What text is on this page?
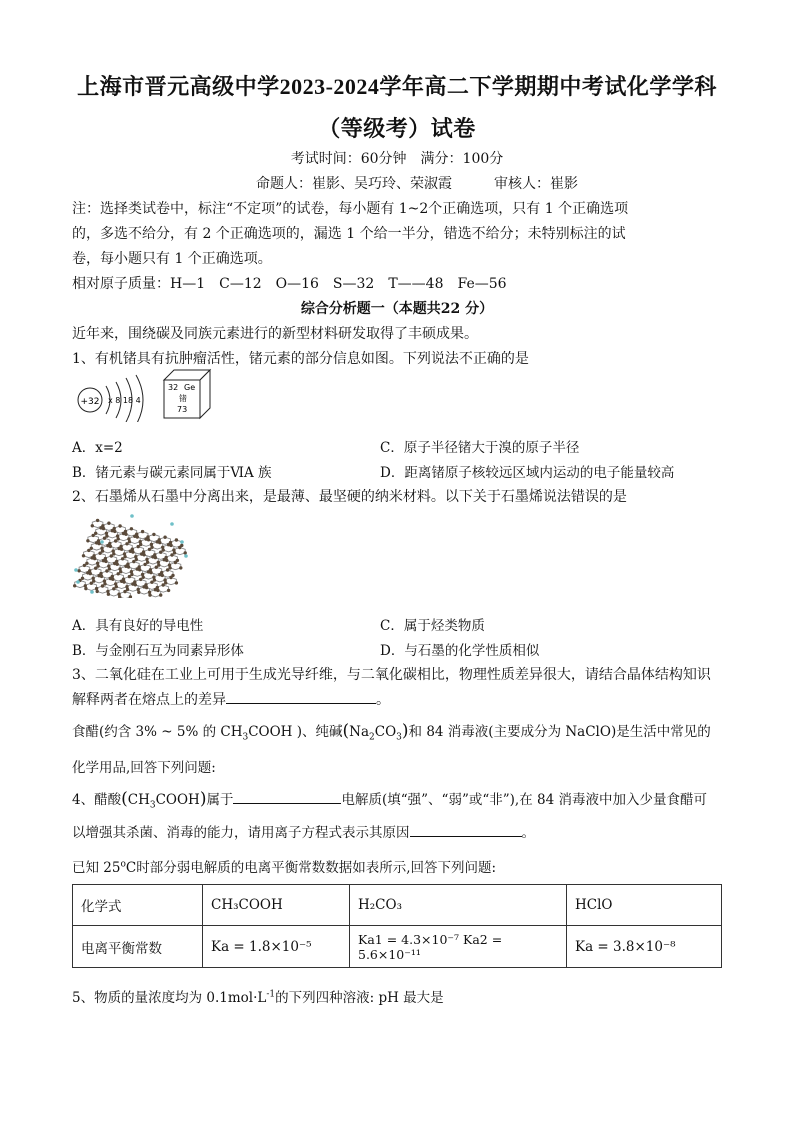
上海市晋元高级中学2023-2024学年高二下学期期中考试化学学科
（等级考）试卷
考试时间：60分钟　满分：100分
命题人：崔影、吴巧玲、荣淑霞　　　审核人：崔影
注：选择类试卷中，标注“不定项”的试卷，每小题有 1~2个正确选项，只有 1 个正确选项
的，多选不给分，有 2 个正确选项的，漏选 1 个给一半分，错选不给分；未特别标注的试
卷，每小题只有 1 个正确选项。
相对原子质量：H—1　C—12　O—16　S—32　T——48　Fe—56
综合分析题一（本题共22 分）
近年来，围绕碳及同族元素进行的新型材料研发取得了丰硕成果。
1、有机锗具有抗肿瘤活性，锗元素的部分信息如图。下列说法不正确的是
+32 x 8 18 4
32 Ge
锗
73
A．x=2	C．原子半径锗大于溴的原子半径
B．锗元素与碳元素同属于ⅥA 族	D．距离锗原子核较远区域内运动的电子能量较高
2、石墨烯从石墨中分离出来，是最薄、最坚硬的纳米材料。以下关于石墨烯说法错误的是
A．具有良好的导电性	C．属于烃类物质
B．与金刚石互为同素异形体	D．与石墨的化学性质相似
3、二氧化硅在工业上可用于生成光导纤维，与二氧化碳相比，物理性质差异很大，请结合晶体结构知识
解释两者在熔点上的差异	。
食醋(约含 3% ~ 5% 的 $CH_3COOH$ )、纯碱$(Na_2CO_3)$和 84 消毒液(主要成分为 NaClO)是生活中常见的
化学用品,回答下列问题:
4、醋酸$(CH_3COOH)$属于	电解质(填“强”、“弱”或“非”),在 84 消毒液中加入少量食醋可
以增强其杀菌、消毒的能力，请用离子方程式表示其原因	。
已知 25$^o$C时部分弱电解质的电离平衡常数数据如表所示,回答下列问题:
化学式	CH₃COOH	H₂CO₃	HClO
电离平衡常数	Ka = 1.8×10⁻⁵	Ka1 = 4.3×10⁻⁷ Ka2 = 5.6×10⁻¹¹	Ka = 3.8×10⁻⁸
5、物质的量浓度均为 $0.1mol\cdot L^{-1}$的下列四种溶液: pH 最大是
